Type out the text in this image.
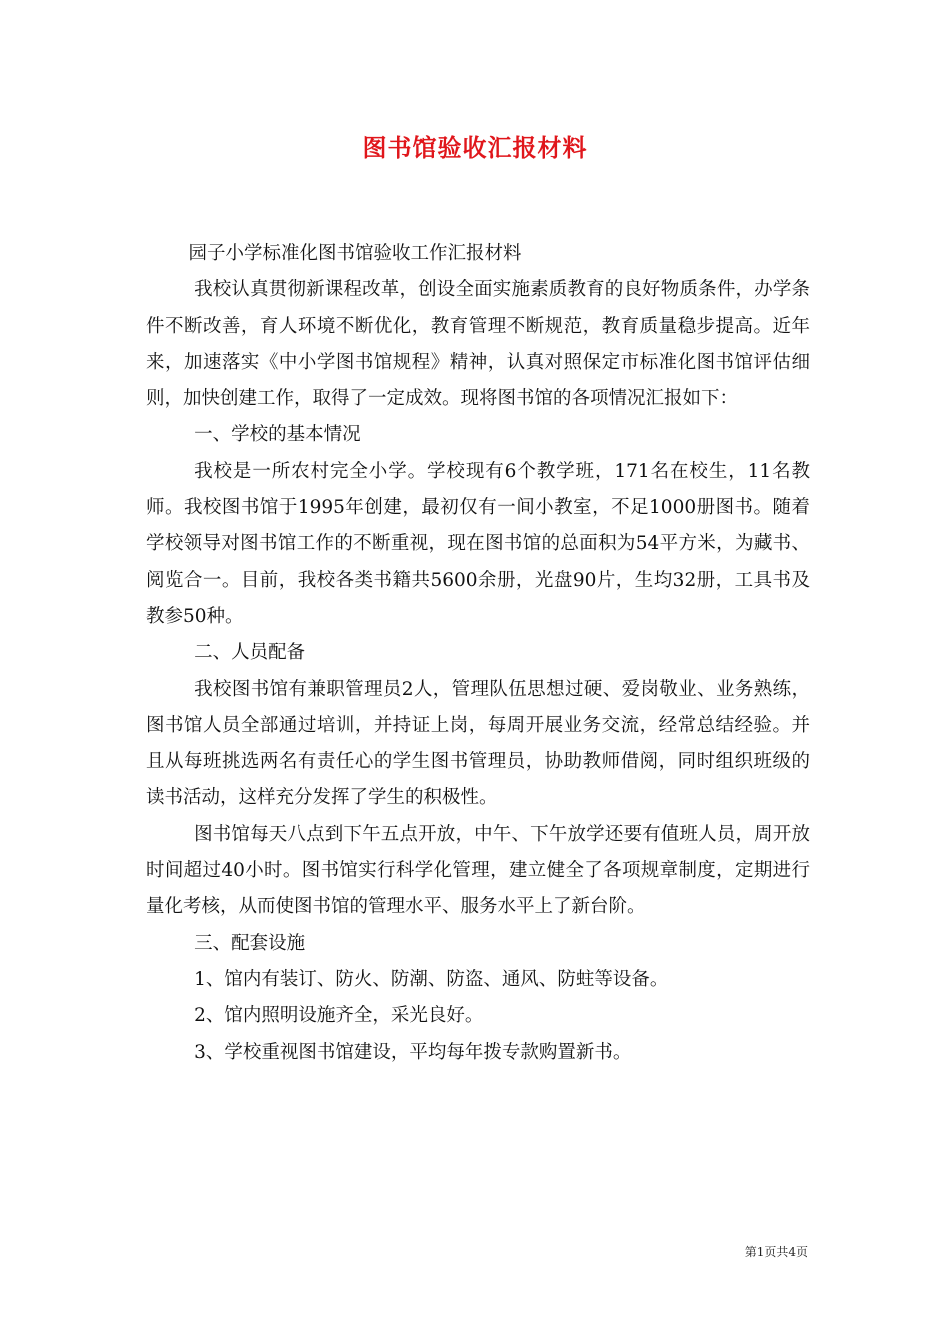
图书馆验收汇报材料

园子小学标准化图书馆验收工作汇报材料

我校认真贯彻新课程改革，创设全面实施素质教育的良好物质条件，办学条件不断改善，育人环境不断优化，教育管理不断规范，教育质量稳步提高。近年来，加速落实《中小学图书馆规程》精神，认真对照保定市标准化图书馆评估细则，加快创建工作，取得了一定成效。现将图书馆的各项情况汇报如下：

一、学校的基本情况

我校是一所农村完全小学。学校现有6个教学班，171名在校生，11名教师。我校图书馆于1995年创建，最初仅有一间小教室，不足1000册图书。随着学校领导对图书馆工作的不断重视，现在图书馆的总面积为54平方米，为藏书、阅览合一。目前，我校各类书籍共5600余册，光盘90片，生均32册，工具书及教参50种。

二、人员配备

我校图书馆有兼职管理员2人，管理队伍思想过硬、爱岗敬业、业务熟练，图书馆人员全部通过培训，并持证上岗，每周开展业务交流，经常总结经验。并且从每班挑选两名有责任心的学生图书管理员，协助教师借阅，同时组织班级的读书活动，这样充分发挥了学生的积极性。

图书馆每天八点到下午五点开放，中午、下午放学还要有值班人员，周开放时间超过40小时。图书馆实行科学化管理，建立健全了各项规章制度，定期进行量化考核，从而使图书馆的管理水平、服务水平上了新台阶。

三、配套设施

1、馆内有装订、防火、防潮、防盗、通风、防蛀等设备。

2、馆内照明设施齐全，采光良好。

3、学校重视图书馆建设，平均每年拨专款购置新书。

第1页共4页
